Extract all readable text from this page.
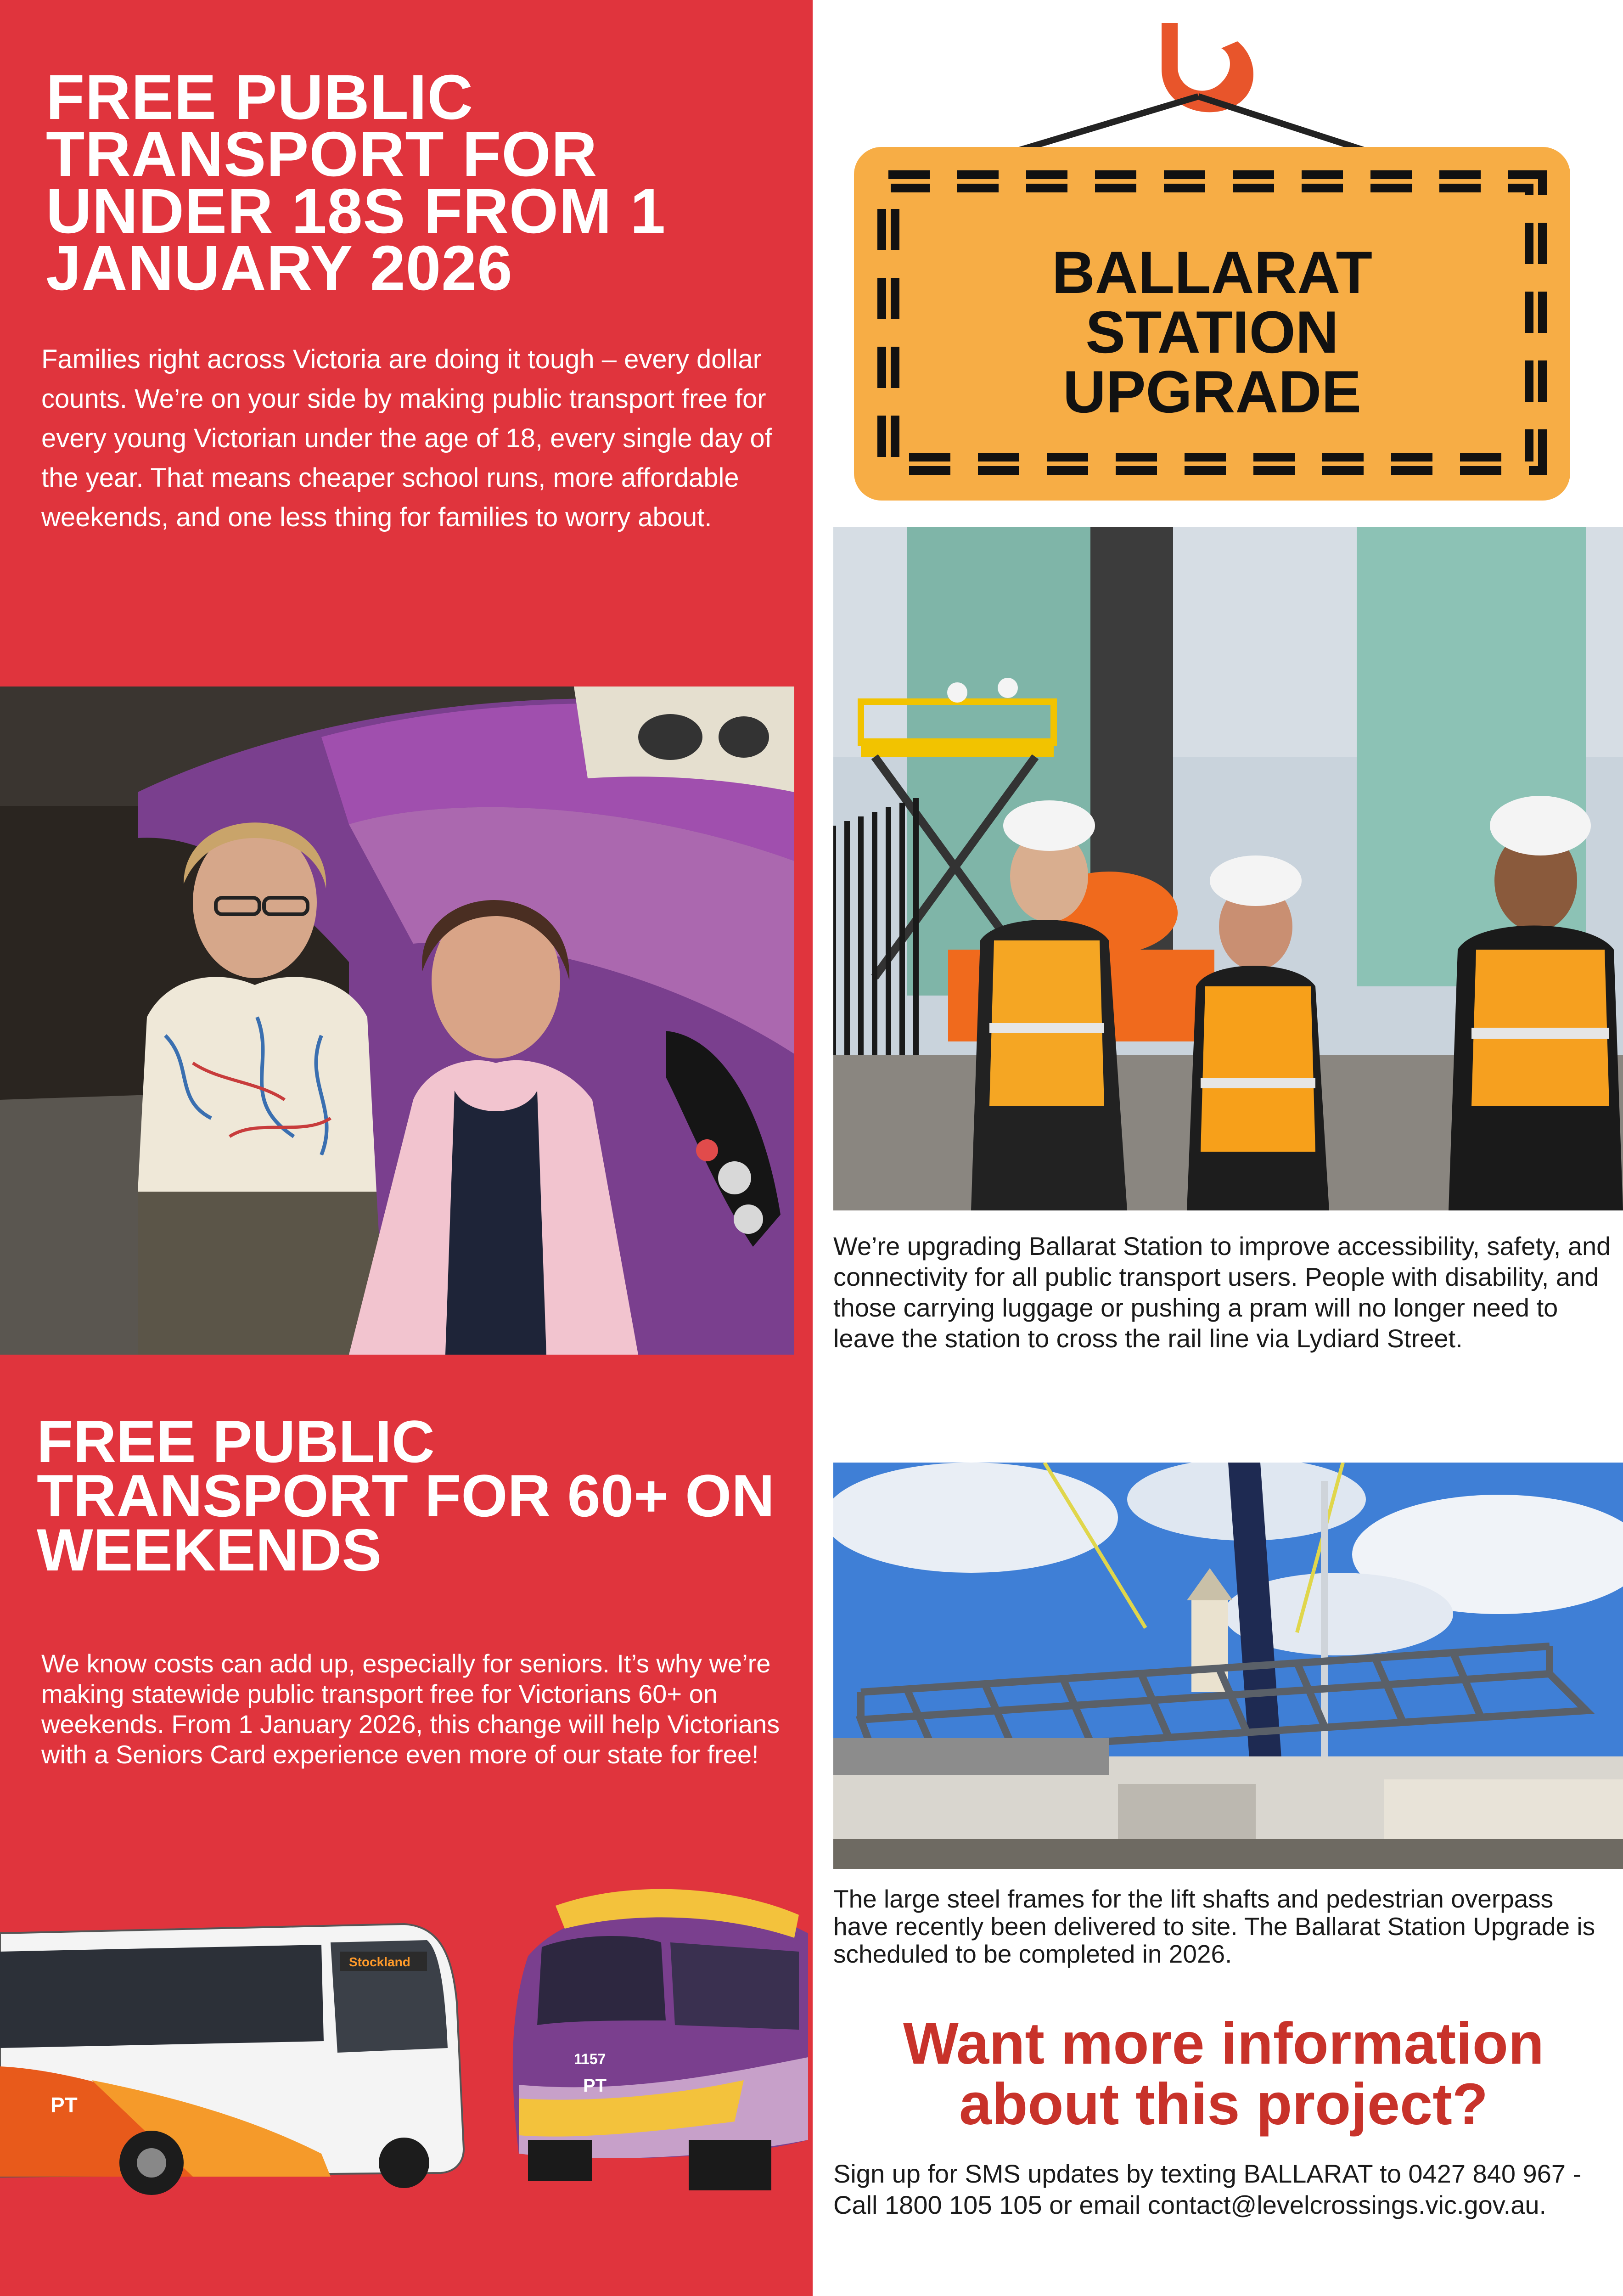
FREE PUBLIC TRANSPORT FOR UNDER 18S FROM 1 JANUARY 2026
Families right across Victoria are doing it tough – every dollar counts. We’re on your side by making public transport free for every young Victorian under the age of 18, every single day of the year. That means cheaper school runs, more affordable weekends, and one less thing for families to worry about.
FREE PUBLIC TRANSPORT FOR 60+ ON WEEKENDS
We know costs can add up, especially for seniors. It’s why we’re making statewide public transport free for Victorians 60+ on weekends. From 1 January 2026, this change will help Victorians with a Seniors Card experience even more of our state for free!
Stockland
PT
1157
PT
BALLARAT
STATION
UPGRADE
We’re upgrading Ballarat Station to improve accessibility, safety, and connectivity for all public transport users. People with disability, and those carrying luggage or pushing a pram will no longer need to leave the station to cross the rail line via Lydiard Street.
The large steel frames for the lift shafts and pedestrian overpass have recently been delivered to site. The Ballarat Station Upgrade is scheduled to be completed in 2026.
Want more information
about this project?
Sign up for SMS updates by texting BALLARAT to 0427 840 967 - Call 1800 105 105 or email contact@levelcrossings.vic.gov.au.
